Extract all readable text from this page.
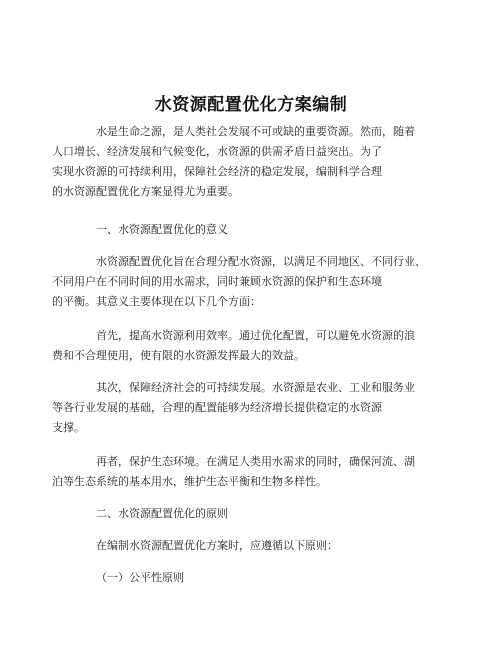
水资源配置优化方案编制
水是生命之源，是人类社会发展不可或缺的重要资源。然而，随着
人口增长、经济发展和气候变化，水资源的供需矛盾日益突出。为了
实现水资源的可持续利用，保障社会经济的稳定发展，编制科学合理
的水资源配置优化方案显得尤为重要。
一、水资源配置优化的意义
水资源配置优化旨在合理分配水资源，以满足不同地区、不同行业、
不同用户在不同时间的用水需求，同时兼顾水资源的保护和生态环境
的平衡。其意义主要体现在以下几个方面：
首先，提高水资源利用效率。通过优化配置，可以避免水资源的浪
费和不合理使用，使有限的水资源发挥最大的效益。
其次，保障经济社会的可持续发展。水资源是农业、工业和服务业
等各行业发展的基础，合理的配置能够为经济增长提供稳定的水资源
支撑。
再者，保护生态环境。在满足人类用水需求的同时，确保河流、湖
泊等生态系统的基本用水，维护生态平衡和生物多样性。
二、水资源配置优化的原则
在编制水资源配置优化方案时，应遵循以下原则：
（一）公平性原则
